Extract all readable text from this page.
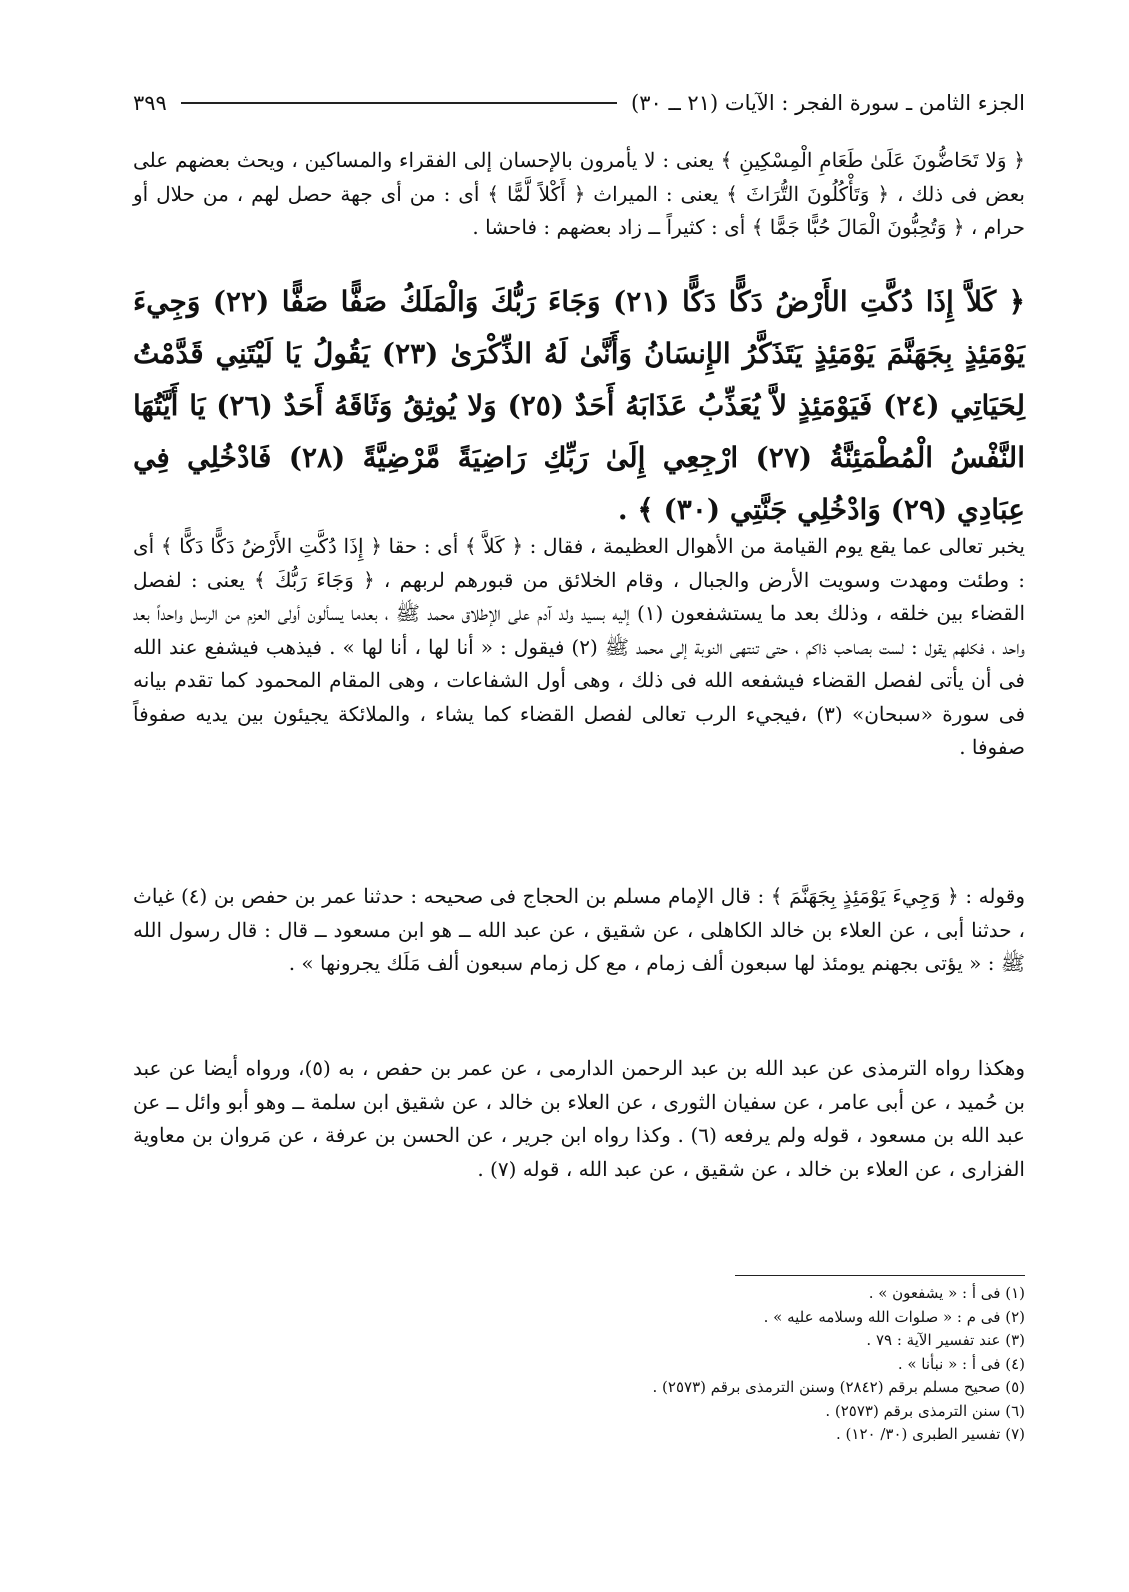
الجزء الثامن ـ سورة الفجر : الآيات (٢١ ــ ٣٠)
٣٩٩
﴿ وَلا تَحَاضُّونَ عَلَىٰ طَعَامِ الْمِسْكِينِ ﴾ يعنى : لا يأمرون بالإحسان إلى الفقراء والمساكين ، ويحث بعضهم على بعض فى ذلك ، ﴿ وَتَأْكُلُونَ التُّرَاثَ ﴾ يعنى : الميراث ﴿ أَكْلاً لَّمًّا ﴾ أى : من أى جهة حصل لهم ، من حلال أو حرام ، ﴿ وَتُحِبُّونَ الْمَالَ حُبًّا جَمًّا ﴾ أى : كثيراً ــ زاد بعضهم : فاحشا .
﴿ كَلاَّ إِذَا دُكَّتِ الأَرْضُ دَكًّا دَكًّا (٢١) وَجَاءَ رَبُّكَ وَالْمَلَكُ صَفًّا صَفًّا (٢٢) وَجِيءَ يَوْمَئِذٍ بِجَهَنَّمَ يَوْمَئِذٍ يَتَذَكَّرُ الإِنسَانُ وَأَنَّىٰ لَهُ الذِّكْرَىٰ (٢٣) يَقُولُ يَا لَيْتَنِي قَدَّمْتُ لِحَيَاتِي (٢٤) فَيَوْمَئِذٍ لاَّ يُعَذِّبُ عَذَابَهُ أَحَدٌ (٢٥) وَلا يُوثِقُ وَثَاقَهُ أَحَدٌ (٢٦) يَا أَيَّتُهَا النَّفْسُ الْمُطْمَئِنَّةُ (٢٧) ارْجِعِي إِلَىٰ رَبِّكِ رَاضِيَةً مَّرْضِيَّةً (٢٨) فَادْخُلِي فِي عِبَادِي (٢٩) وَادْخُلِي جَنَّتِي (٣٠) ﴾ .
يخبر تعالى عما يقع يوم القيامة من الأهوال العظيمة ، فقال : ﴿ كَلاَّ ﴾ أى : حقا ﴿ إِذَا دُكَّتِ الأَرْضُ دَكًّا دَكًّا ﴾ أى : وطئت ومهدت وسويت الأرض والجبال ، وقام الخلائق من قبورهم لربهم ، ﴿ وَجَاءَ رَبُّكَ ﴾ يعنى : لفصل القضاء بين خلقه ، وذلك بعد ما يستشفعون (١) إليه بسيد ولد آدم على الإطلاق محمد ﷺ ، بعدما يسألون أولى العزم من الرسل واحداً بعد واحد ، فكلهم يقول : لست بصاحب ذاكم ، حتى تنتهى النوبة إلى محمد ﷺ (٢) فيقول : « أنا لها ، أنا لها » . فيذهب فيشفع عند الله فى أن يأتى لفصل القضاء فيشفعه الله فى ذلك ، وهى أول الشفاعات ، وهى المقام المحمود كما تقدم بيانه فى سورة «سبحان» (٣) ،فيجيء الرب تعالى لفصل القضاء كما يشاء ، والملائكة يجيئون بين يديه صفوفاً صفوفا .
وقوله : ﴿ وَجِيءَ يَوْمَئِذٍ بِجَهَنَّمَ ﴾ : قال الإمام مسلم بن الحجاج فى صحيحه : حدثنا عمر بن حفص بن (٤) غياث ، حدثنا أبى ، عن العلاء بن خالد الكاهلى ، عن شقيق ، عن عبد الله ــ هو ابن مسعود ــ قال : قال رسول الله ﷺ : « يؤتى بجهنم يومئذ لها سبعون ألف زمام ، مع كل زمام سبعون ألف مَلَك يجرونها » .
وهكذا رواه الترمذى عن عبد الله بن عبد الرحمن الدارمى ، عن عمر بن حفص ، به (٥)، ورواه أيضا عن عبد بن حُميد ، عن أبى عامر ، عن سفيان الثورى ، عن العلاء بن خالد ، عن شقيق ابن سلمة ــ وهو أبو وائل ــ عن عبد الله بن مسعود ، قوله ولم يرفعه (٦) . وكذا رواه ابن جرير ، عن الحسن بن عرفة ، عن مَروان بن معاوية الفزارى ، عن العلاء بن خالد ، عن شقيق ، عن عبد الله ، قوله (٧) .
(١) فى أ : « يشفعون » .
(٢) فى م : « صلوات الله وسلامه عليه » .
(٣) عند تفسير الآية : ٧٩ .
(٤) فى أ : « نبأنا » .
(٥) صحيح مسلم برقم (٢٨٤٢) وسنن الترمذى برقم (٢٥٧٣) .
(٦) سنن الترمذى برقم (٢٥٧٣) .
(٧) تفسير الطبرى (٣٠/ ١٢٠) .
